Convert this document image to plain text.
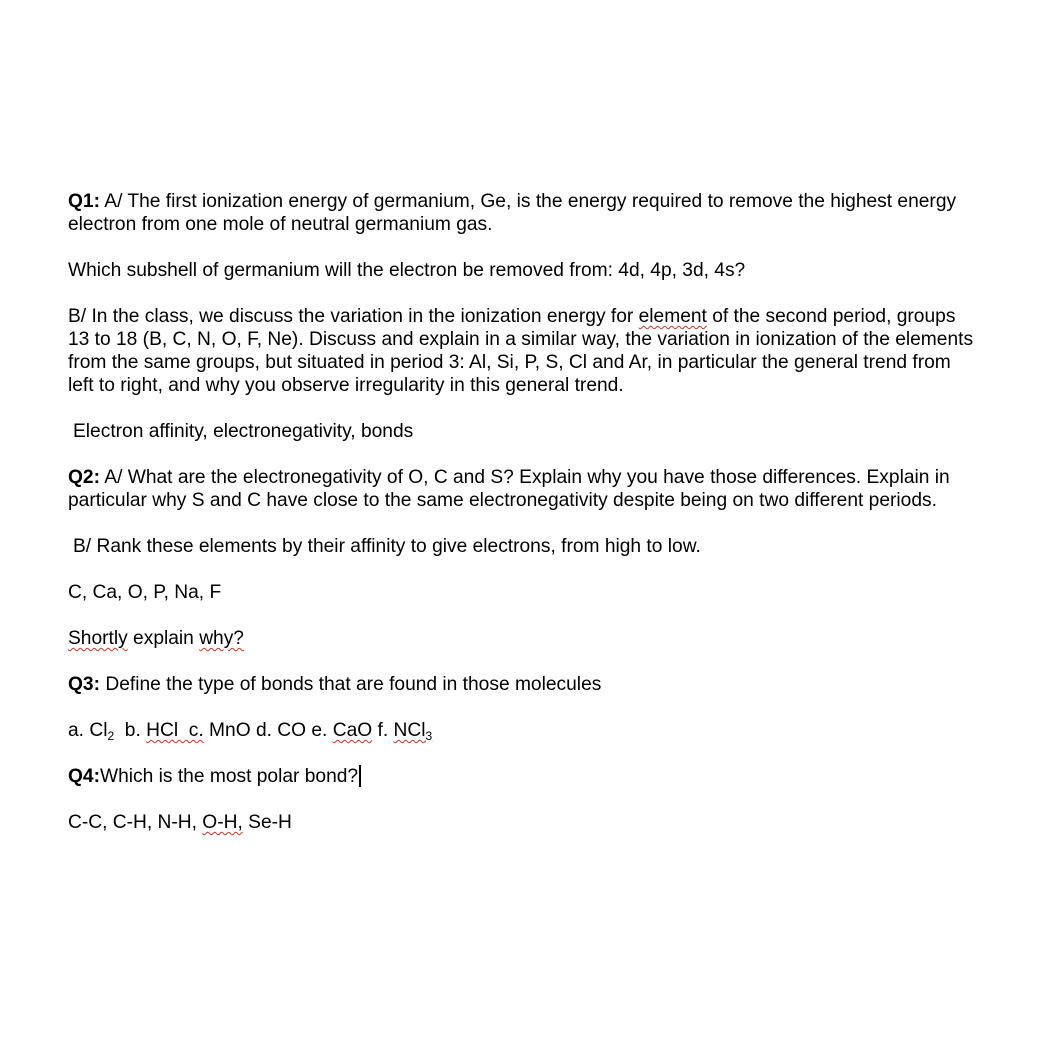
Q1: A/ The first ionization energy of germanium, Ge, is the energy required to remove the highest energy electron from one mole of neutral germanium gas.

Which subshell of germanium will the electron be removed from: 4d, 4p, 3d, 4s?

B/ In the class, we discuss the variation in the ionization energy for element of the second period, groups 13 to 18 (B, C, N, O, F, Ne). Discuss and explain in a similar way, the variation in ionization of the elements from the same groups, but situated in period 3: Al, Si, P, S, Cl and Ar, in particular the general trend from left to right, and why you observe irregularity in this general trend.

Electron affinity, electronegativity, bonds

Q2: A/ What are the electronegativity of O, C and S? Explain why you have those differences. Explain in particular why S and C have close to the same electronegativity despite being on two different periods.

B/ Rank these elements by their affinity to give electrons, from high to low.

C, Ca, O, P, Na, F

Shortly explain why?

Q3: Define the type of bonds that are found in those molecules

a. $Cl_2$  b. HCl  c. MnO d. CO e. CaO f. NCl$_3$

Q4:Which is the most polar bond?

C-C, C-H, N-H, O-H, Se-H
